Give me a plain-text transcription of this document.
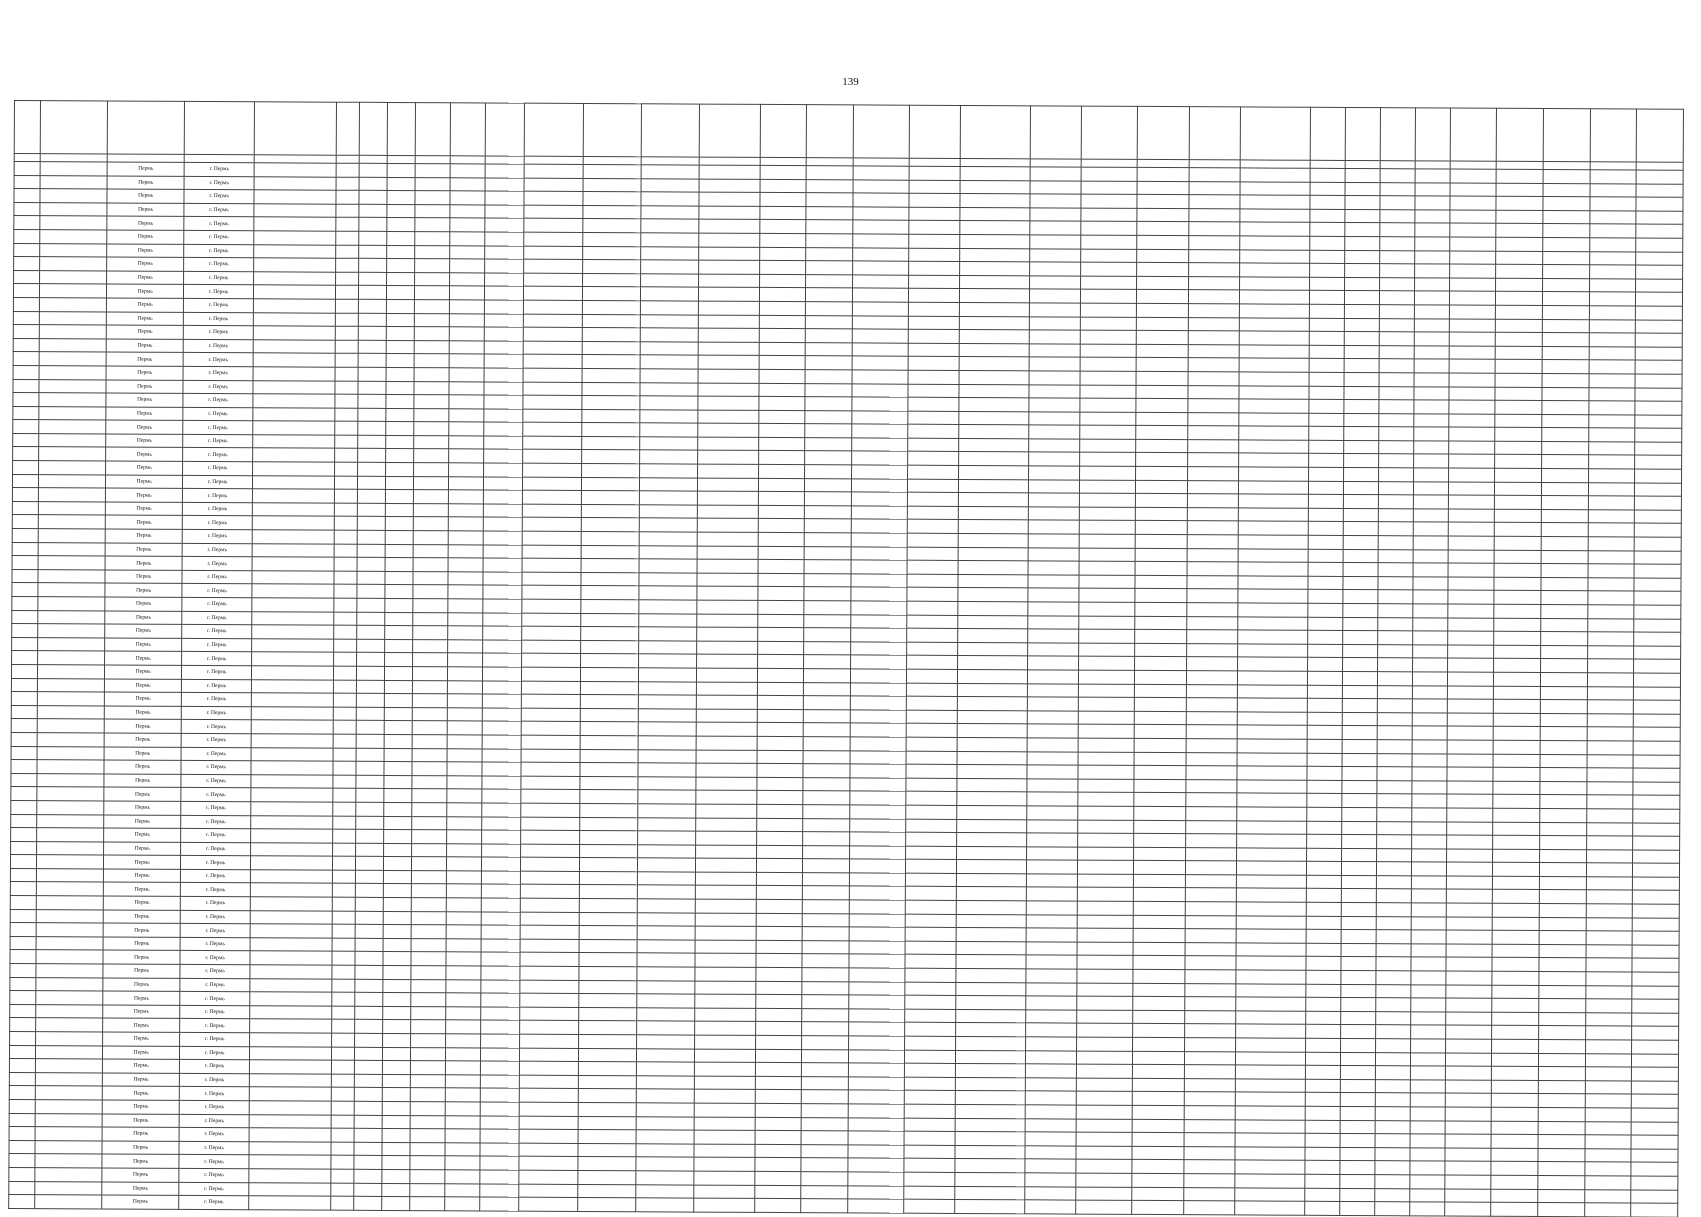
139

		Пермь	г. Пермь																														
		Пермь	г. Пермь																														
		Пермь	г. Пермь																														
		Пермь	г. Пермь																														
		Пермь	г. Пермь																														
		Пермь	г. Пермь																														
		Пермь	г. Пермь																														
		Пермь	г. Пермь																														
		Пермь	г. Пермь																														
		Пермь	г. Пермь																														
		Пермь	г. Пермь																														
		Пермь	г. Пермь																														
		Пермь	г. Пермь																														
		Пермь	г. Пермь																														
		Пермь	г. Пермь																														
		Пермь	г. Пермь																														
		Пермь	г. Пермь																														
		Пермь	г. Пермь																														
		Пермь	г. Пермь																														
		Пермь	г. Пермь																														
		Пермь	г. Пермь																														
		Пермь	г. Пермь																														
		Пермь	г. Пермь																														
		Пермь	г. Пермь																														
		Пермь	г. Пермь																														
		Пермь	г. Пермь																														
		Пермь	г. Пермь																														
		Пермь	г. Пермь																														
		Пермь	г. Пермь																														
		Пермь	г. Пермь																														
		Пермь	г. Пермь																														
		Пермь	г. Пермь																														
		Пермь	г. Пермь																														
		Пермь	г. Пермь																														
		Пермь	г. Пермь																														
		Пермь	г. Пермь																														
		Пермь	г. Пермь																														
		Пермь	г. Пермь																														
		Пермь	г. Пермь																														
		Пермь	г. Пермь																														
		Пермь	г. Пермь																														
		Пермь	г. Пермь																														
		Пермь	г. Пермь																														
		Пермь	г. Пермь																														
		Пермь	г. Пермь																														
		Пермь	г. Пермь																														
		Пермь	г. Пермь																														
		Пермь	г. Пермь																														
		Пермь	г. Пермь																														
		Пермь	г. Пермь																														
		Пермь	г. Пермь																														
		Пермь	г. Пермь																														
		Пермь	г. Пермь																														
		Пермь	г. Пермь																														
		Пермь	г. Пермь																														
		Пермь	г. Пермь																														
		Пермь	г. Пермь																														
		Пермь	г. Пермь																														
		Пермь	г. Пермь																														
		Пермь	г. Пермь																														
		Пермь	г. Пермь																														
		Пермь	г. Пермь																														
		Пермь	г. Пермь																														
		Пермь	г. Пермь																														
		Пермь	г. Пермь																														
		Пермь	г. Пермь																														
		Пермь	г. Пермь																														
		Пермь	г. Пермь																														
		Пермь	г. Пермь																														
		Пермь	г. Пермь																														
		Пермь	г. Пермь																														
		Пермь	г. Пермь																														
		Пермь	г. Пермь																														
		Пермь	г. Пермь																														
		Пермь	г. Пермь																														
		Пермь	г. Пермь																														
		Пермь	г. Пермь																														
